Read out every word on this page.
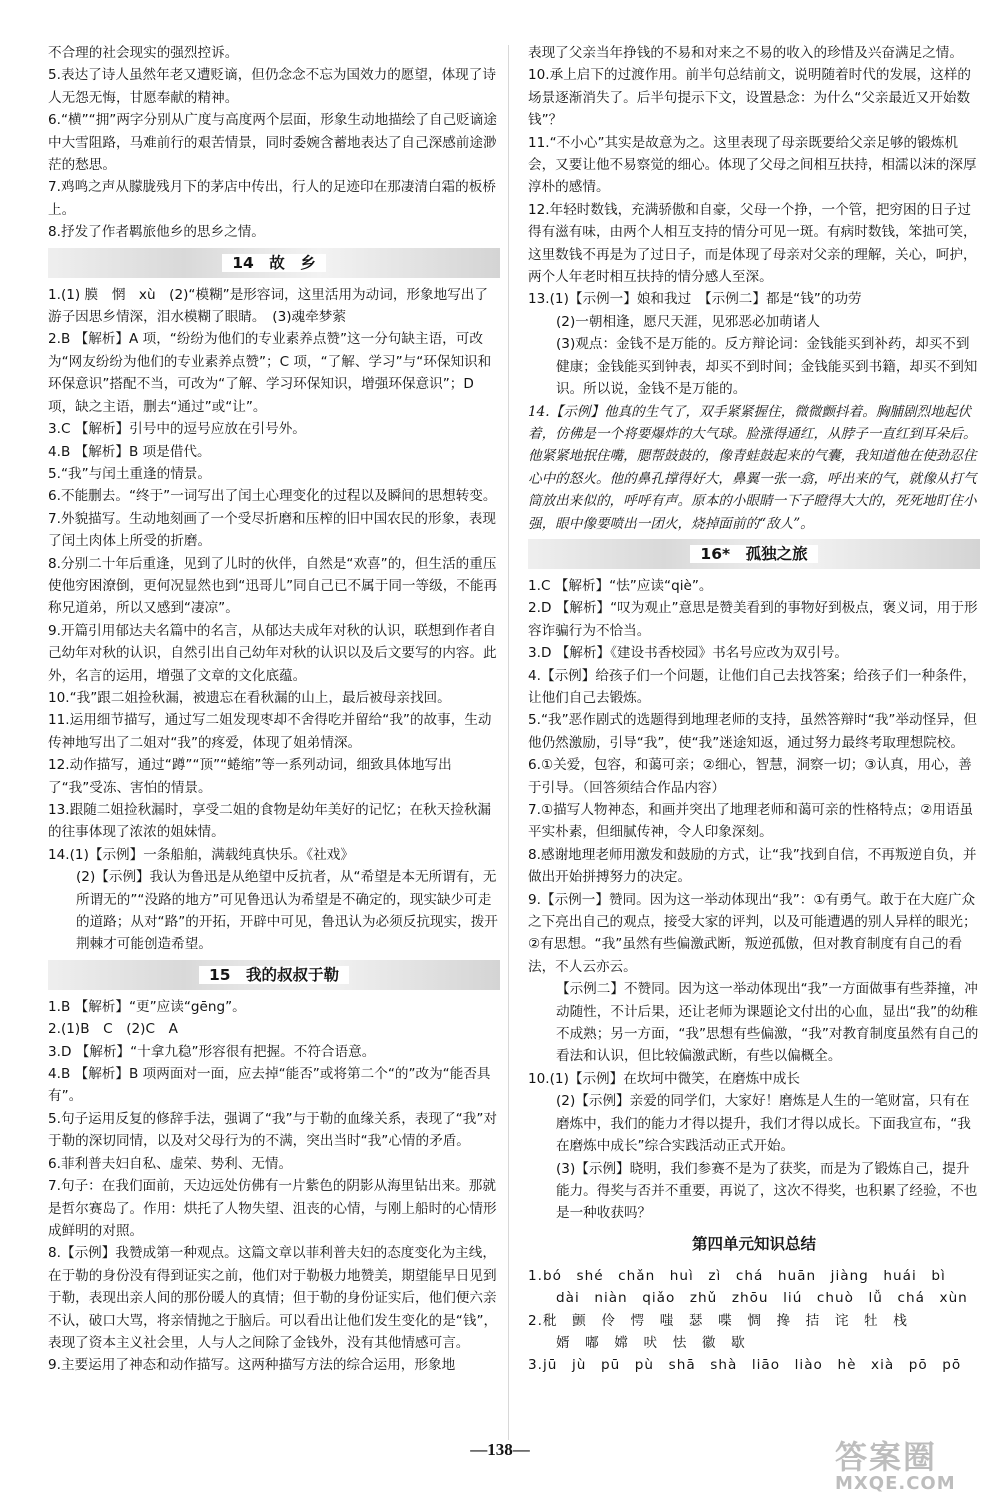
不合理的社会现实的强烈控诉。

5.表达了诗人虽然年老又遭贬谪，但仍念念不忘为国效力的愿望，体现了诗人无怨无悔，甘愿奉献的精神。

6.“横”“拥”两字分别从广度与高度两个层面，形象生动地描绘了自己贬谪途中大雪阻路，马难前行的艰苦情景，同时委婉含蓄地表达了自己深感前途渺茫的愁思。

7.鸡鸣之声从朦胧残月下的茅店中传出，行人的足迹印在那凄清白霜的板桥上。

8.抒发了作者羁旅他乡的思乡之情。

14　故　乡

1.(1) 膜　惘　xù　(2)“模糊”是形容词，这里活用为动词，形象地写出了游子因思乡情深，泪水模糊了眼睛。　(3)魂牵梦萦

2.B 【解析】A 项，“纷纷为他们的专业素养点赞”这一分句缺主语，可改为“网友纷纷为他们的专业素养点赞”；C 项，“了解、学习”与“环保知识和环保意识”搭配不当，可改为“了解、学习环保知识，增强环保意识”；D 项，缺之主语，删去“通过”或“让”。

3.C 【解析】引号中的逗号应放在引号外。

4.B 【解析】B 项是借代。

5.“我”与闰土重逢的情景。

6.不能删去。“终于”一词写出了闰土心理变化的过程以及瞬间的思想转变。

7.外貌描写。生动地刻画了一个受尽折磨和压榨的旧中国农民的形象，表现了闰土肉体上所受的折磨。

8.分别二十年后重逢，见到了儿时的伙伴，自然是“欢喜”的，但生活的重压使他穷困潦倒，更何况显然也到“迅哥儿”同自己已不属于同一等级，不能再称兄道弟，所以又感到“凄凉”。

9.开篇引用郁达夫名篇中的名言，从郁达夫成年对秋的认识，联想到作者自己幼年对秋的认识，自然引出自己幼年对秋的认识以及后文要写的内容。此外，名言的运用，增强了文章的文化底蕴。

10.“我”跟二姐捡秋漏，被遗忘在看秋漏的山上，最后被母亲找回。

11.运用细节描写，通过写二姐发现枣却不舍得吃并留给“我”的故事，生动传神地写出了二姐对“我”的疼爱，体现了姐弟情深。

12.动作描写，通过“蹲”“顶”“蜷缩”等一系列动词，细致具体地写出了“我”受冻、害怕的情景。

13.跟随二姐捡秋漏时，享受二姐的食物是幼年美好的记忆；在秋天捡秋漏的往事体现了浓浓的姐妹情。

14.(1)【示例】一条船舶，满载纯真快乐。《社戏》

(2)【示例】我认为鲁迅是从绝望中反抗者，从“希望是本无所谓有，无所谓无的”“没路的地方”可见鲁迅认为希望是不确定的，现实缺少可走的道路；从对“路”的开拓，开辟中可见，鲁迅认为必须反抗现实，拨开荆棘才可能创造希望。

15　我的叔叔于勒

1.B 【解析】“更”应读“gēng”。

2.(1)B　C　(2)C　A

3.D 【解析】“十拿九稳”形容很有把握。不符合语意。

4.B 【解析】B 项两面对一面，应去掉“能否”或将第二个“的”改为“能否具有”。

5.句子运用反复的修辞手法，强调了“我”与于勒的血缘关系，表现了“我”对于勒的深切同情，以及对父母行为的不满，突出当时“我”心情的矛盾。

6.菲利普夫妇自私、虚荣、势利、无情。

7.句子：在我们面前，天边远处仿佛有一片紫色的阴影从海里钻出来。那就是哲尔赛岛了。作用：烘托了人物失望、沮丧的心情，与刚上船时的心情形成鲜明的对照。

8.【示例】我赞成第一种观点。这篇文章以菲利普夫妇的态度变化为主线，在于勒的身份没有得到证实之前，他们对于勒极力地赞美，期望能早日见到于勒，表现出亲人间的那份暖人的真情；但于勒的身份证实后，他们便六亲不认，破口大骂，将亲情抛之于脑后。可以看出让他们发生变化的是“钱”，表现了资本主义社会里，人与人之间除了金钱外，没有其他情感可言。

9.主要运用了神态和动作描写。这两种描写方法的综合运用，形象地

表现了父亲当年挣钱的不易和对来之不易的收入的珍惜及兴奋满足之情。

10.承上启下的过渡作用。前半句总结前文，说明随着时代的发展，这样的场景逐渐消失了。后半句提示下文，设置悬念：为什么“父亲最近又开始数钱”？

11.“不小心”其实是故意为之。这里表现了母亲既要给父亲足够的锻炼机会，又要让他不易察觉的细心。体现了父母之间相互扶持，相濡以沫的深厚淳朴的感情。

12.年轻时数钱，充满骄傲和自豪，父母一个挣，一个管，把穷困的日子过得有滋有味，由两个人相互支持的情分可见一斑。有病时数钱，笨拙可笑，这里数钱不再是为了过日子，而是体现了母亲对父亲的理解，关心，呵护，两个人年老时相互扶持的情分感人至深。

13.(1)【示例一】娘和我过　【示例二】都是“钱”的功劳

(2)一朝相逢，愿尺天涯，见邪恶必加萌诸人

(3)观点：金钱不是万能的。反方辩论词：金钱能买到补药，却买不到健康；金钱能买到钟表，却买不到时间；金钱能买到书籍，却买不到知识。所以说，金钱不是万能的。

14.【示例】他真的生气了，双手紧紧握住，微微颤抖着。胸脯剧烈地起伏着，仿佛是一个将要爆炸的大气球。脸涨得通红，从脖子一直红到耳朵后。他紧紧地抿住嘴，腮帮鼓鼓的，像青蛙鼓起来的气囊，我知道他在使劲忍住心中的怒火。他的鼻孔撑得好大，鼻翼一张一翕，呼出来的气，就像从打气筒放出来似的，呼呼有声。原本的小眼睛一下子瞪得大大的，死死地盯住小强，眼中像要喷出一团火，烧掉面前的“敌人”。

16*　孤独之旅

1.C 【解析】“怯”应读“qiè”。

2.D 【解析】“叹为观止”意思是赞美看到的事物好到极点，褒义词，用于形容诈骗行为不恰当。

3.D 【解析】《建设书香校园》书名号应改为双引号。

4.【示例】给孩子们一个问题，让他们自己去找答案；给孩子们一种条件，让他们自己去锻炼。

5.“我”恶作剧式的选题得到地理老师的支持，虽然答辩时“我”举动怪异，但他仍然激励，引导“我”，使“我”迷途知返，通过努力最终考取理想院校。

6.①关爱，包容，和蔼可亲；②细心，智慧，洞察一切；③认真，用心，善于引导。（回答须结合作品内容）

7.①描写人物神态，和画并突出了地理老师和蔼可亲的性格特点；②用语虽平实朴素，但细腻传神，令人印象深刻。

8.感谢地理老师用激发和鼓励的方式，让“我”找到自信，不再叛逆自负，并做出开始拼搏努力的决定。

9.【示例一】赞同。因为这一举动体现出“我”：①有勇气。敢于在大庭广众之下亮出自己的观点，接受大家的评判，以及可能遭遇的别人异样的眼光；②有思想。“我”虽然有些偏激武断，叛逆孤傲，但对教育制度有自己的看法，不人云亦云。

【示例二】不赞同。因为这一举动体现出“我”一方面做事有些莽撞，冲动随性，不计后果，还让老师为课题论文付出的心血，显出“我”的幼稚不成熟；另一方面，“我”思想有些偏激，“我”对教育制度虽然有自己的看法和认识，但比较偏激武断，有些以偏概全。

10.(1)【示例】在坎坷中微笑，在磨炼中成长

(2)【示例】亲爱的同学们，大家好！磨炼是人生的一笔财富，只有在磨炼中，我们的能力才得以提升，我们才得以成长。下面我宣布，“我在磨炼中成长”综合实践活动正式开始。

(3)【示例】晓明，我们参赛不是为了获奖，而是为了锻炼自己，提升能力。得奖与否并不重要，再说了，这次不得奖，也积累了经验，不也是一种收获吗？

第四单元知识总结

1.bó　shé　chǎn　huì　zì　chá　huān　jiàng　huái　bì

dài　niàn　qiǎo　zhǔ　zhōu　liú　chuò　lǚ　chá　xùn

2.秕　颤　伶　愕　嗤　瑟　喋　惆　搀　拮　诧　牡　栈

婿　嘟　嫦　吠　怯　徽　歇

3.jū　jù　pū　pù　shā　shà　liāo　liào　hè　xià　pō　pō

—138—	答案圈
MXQE.COM
